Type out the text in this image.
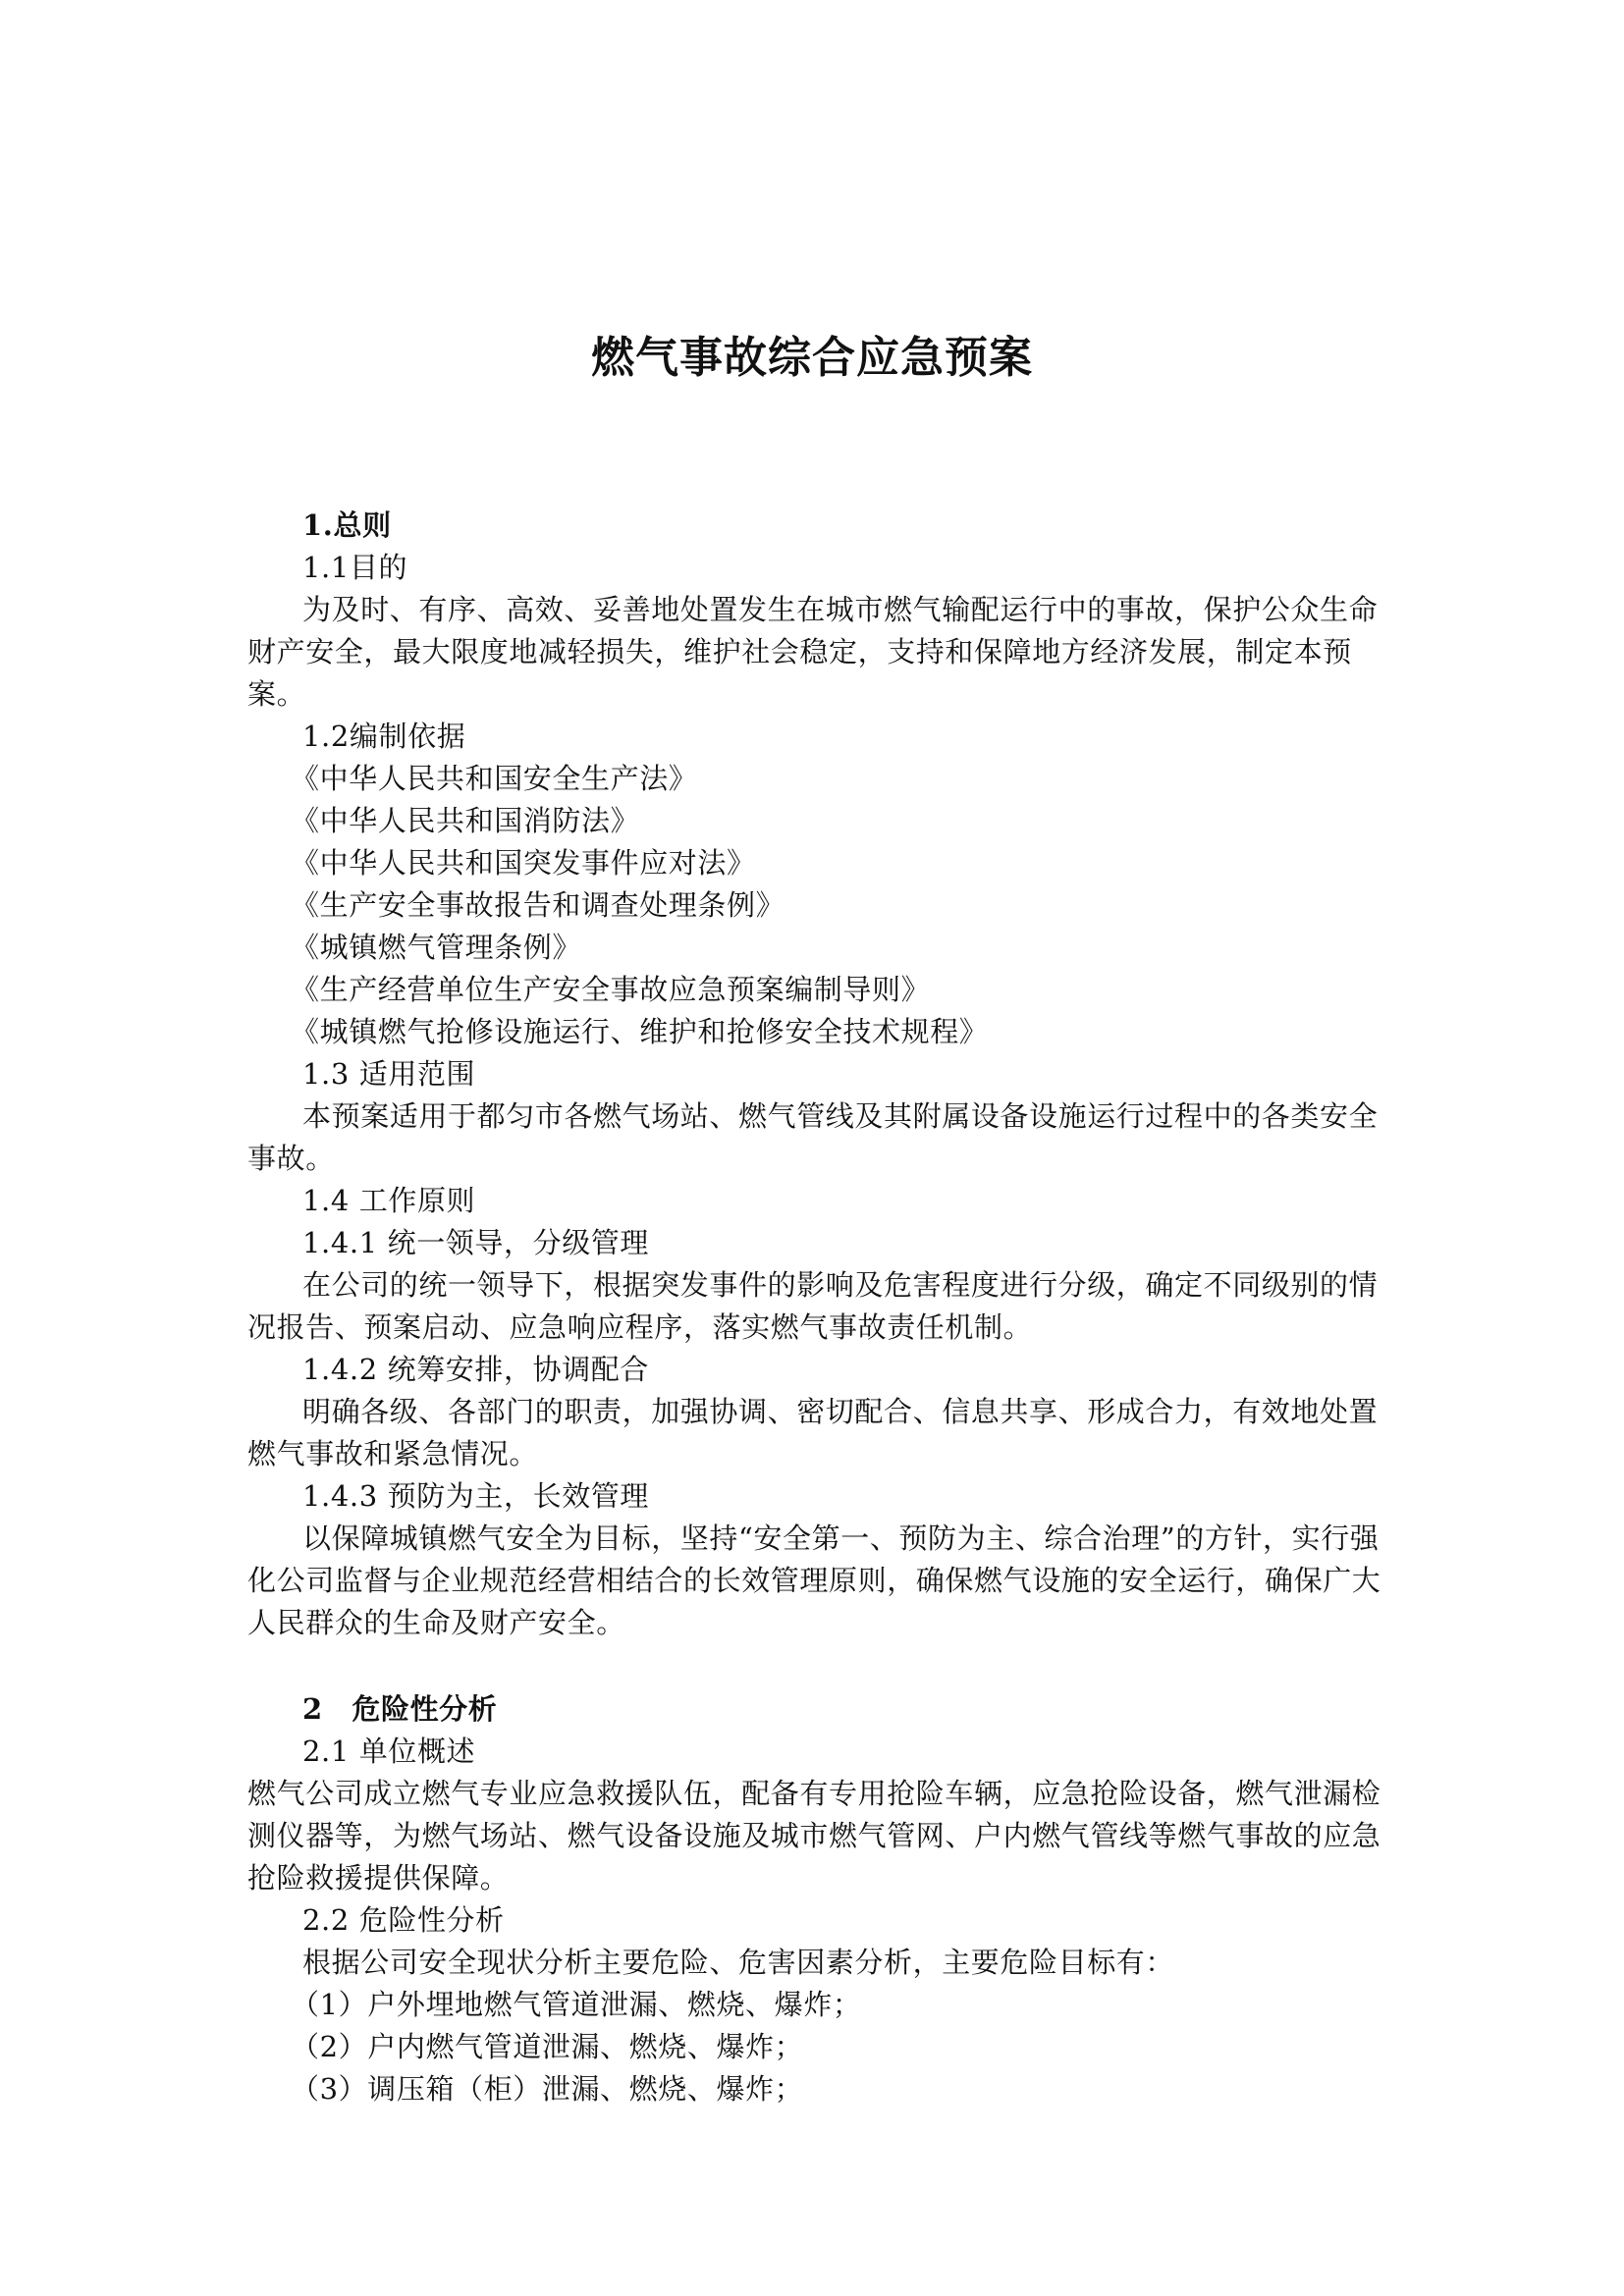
燃气事故综合应急预案

1.总则

1.1目的

为及时、有序、高效、妥善地处置发生在城市燃气输配运行中的事故，保护公众生命财产安全，最大限度地减轻损失，维护社会稳定，支持和保障地方经济发展，制定本预案。

1.2编制依据

《中华人民共和国安全生产法》

《中华人民共和国消防法》

《中华人民共和国突发事件应对法》

《生产安全事故报告和调查处理条例》

《城镇燃气管理条例》

《生产经营单位生产安全事故应急预案编制导则》

《城镇燃气抢修设施运行、维护和抢修安全技术规程》

1.3 适用范围

本预案适用于都匀市各燃气场站、燃气管线及其附属设备设施运行过程中的各类安全事故。

1.4 工作原则

1.4.1 统一领导，分级管理

在公司的统一领导下，根据突发事件的影响及危害程度进行分级，确定不同级别的情况报告、预案启动、应急响应程序，落实燃气事故责任机制。

1.4.2 统筹安排，协调配合

明确各级、各部门的职责，加强协调、密切配合、信息共享、形成合力，有效地处置燃气事故和紧急情况。

1.4.3 预防为主，长效管理

以保障城镇燃气安全为目标，坚持“安全第一、预防为主、综合治理”的方针，实行强化公司监督与企业规范经营相结合的长效管理原则，确保燃气设施的安全运行，确保广大人民群众的生命及财产安全。

2　危险性分析

2.1 单位概述

燃气公司成立燃气专业应急救援队伍，配备有专用抢险车辆，应急抢险设备，燃气泄漏检测仪器等，为燃气场站、燃气设备设施及城市燃气管网、户内燃气管线等燃气事故的应急抢险救援提供保障。

2.2 危险性分析

根据公司安全现状分析主要危险、危害因素分析，主要危险目标有：

（1）户外埋地燃气管道泄漏、燃烧、爆炸；

（2）户内燃气管道泄漏、燃烧、爆炸；

（3）调压箱（柜）泄漏、燃烧、爆炸；
